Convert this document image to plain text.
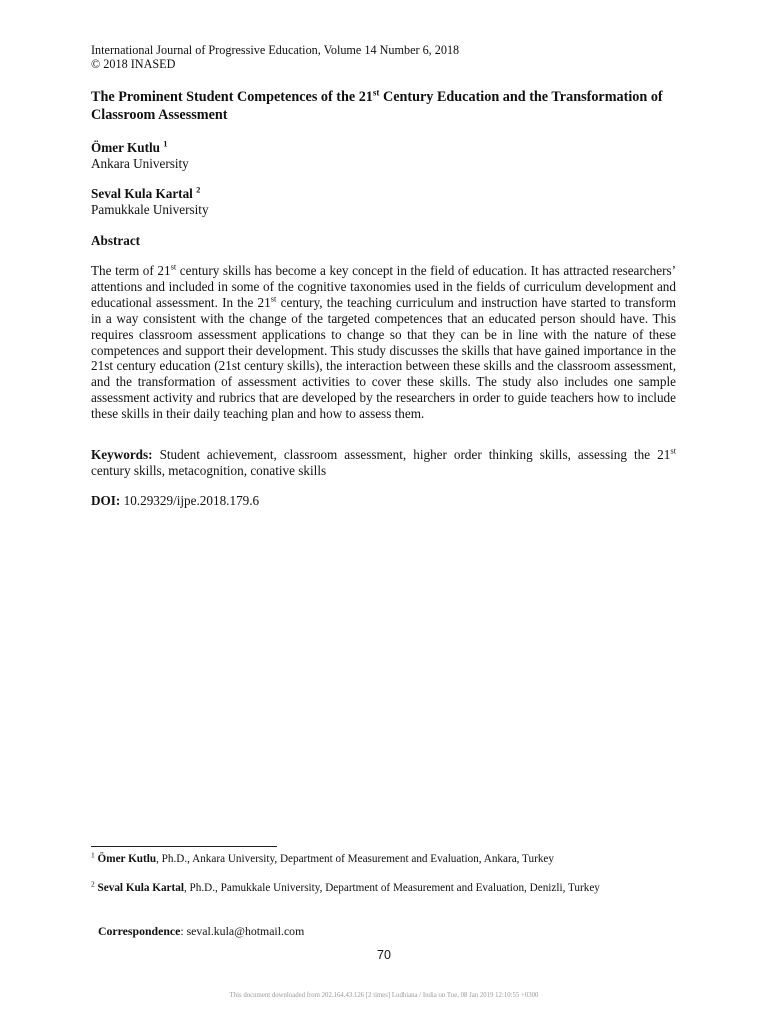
International Journal of Progressive Education, Volume 14 Number 6, 2018
© 2018 INASED
The Prominent Student Competences of the 21st Century Education and the Transformation of Classroom Assessment
Ömer Kutlu $^1$
Ankara University
Seval Kula Kartal $^2$
Pamukkale University
Abstract
The term of 21st century skills has become a key concept in the field of education. It has attracted researchers’ attentions and included in some of the cognitive taxonomies used in the fields of curriculum development and educational assessment. In the 21st century, the teaching curriculum and instruction have started to transform in a way consistent with the change of the targeted competences that an educated person should have. This requires classroom assessment applications to change so that they can be in line with the nature of these competences and support their development. This study discusses the skills that have gained importance in the 21st century education (21st century skills), the interaction between these skills and the classroom assessment, and the transformation of assessment activities to cover these skills. The study also includes one sample assessment activity and rubrics that are developed by the researchers in order to guide teachers how to include these skills in their daily teaching plan and how to assess them.
Keywords: Student achievement, classroom assessment, higher order thinking skills, assessing the 21st century skills, metacognition, conative skills
DOI: 10.29329/ijpe.2018.179.6
$^1$ Ömer Kutlu, Ph.D., Ankara University, Department of Measurement and Evaluation, Ankara, Turkey
$^2$ Seval Kula Kartal, Ph.D., Pamukkale University, Department of Measurement and Evaluation, Denizli, Turkey
Correspondence: seval.kula@hotmail.com
70
This document downloaded from 202.164.43.126 [2 times] Ludhiana / India on Tue, 08 Jan 2019 12:10:55 +0300
